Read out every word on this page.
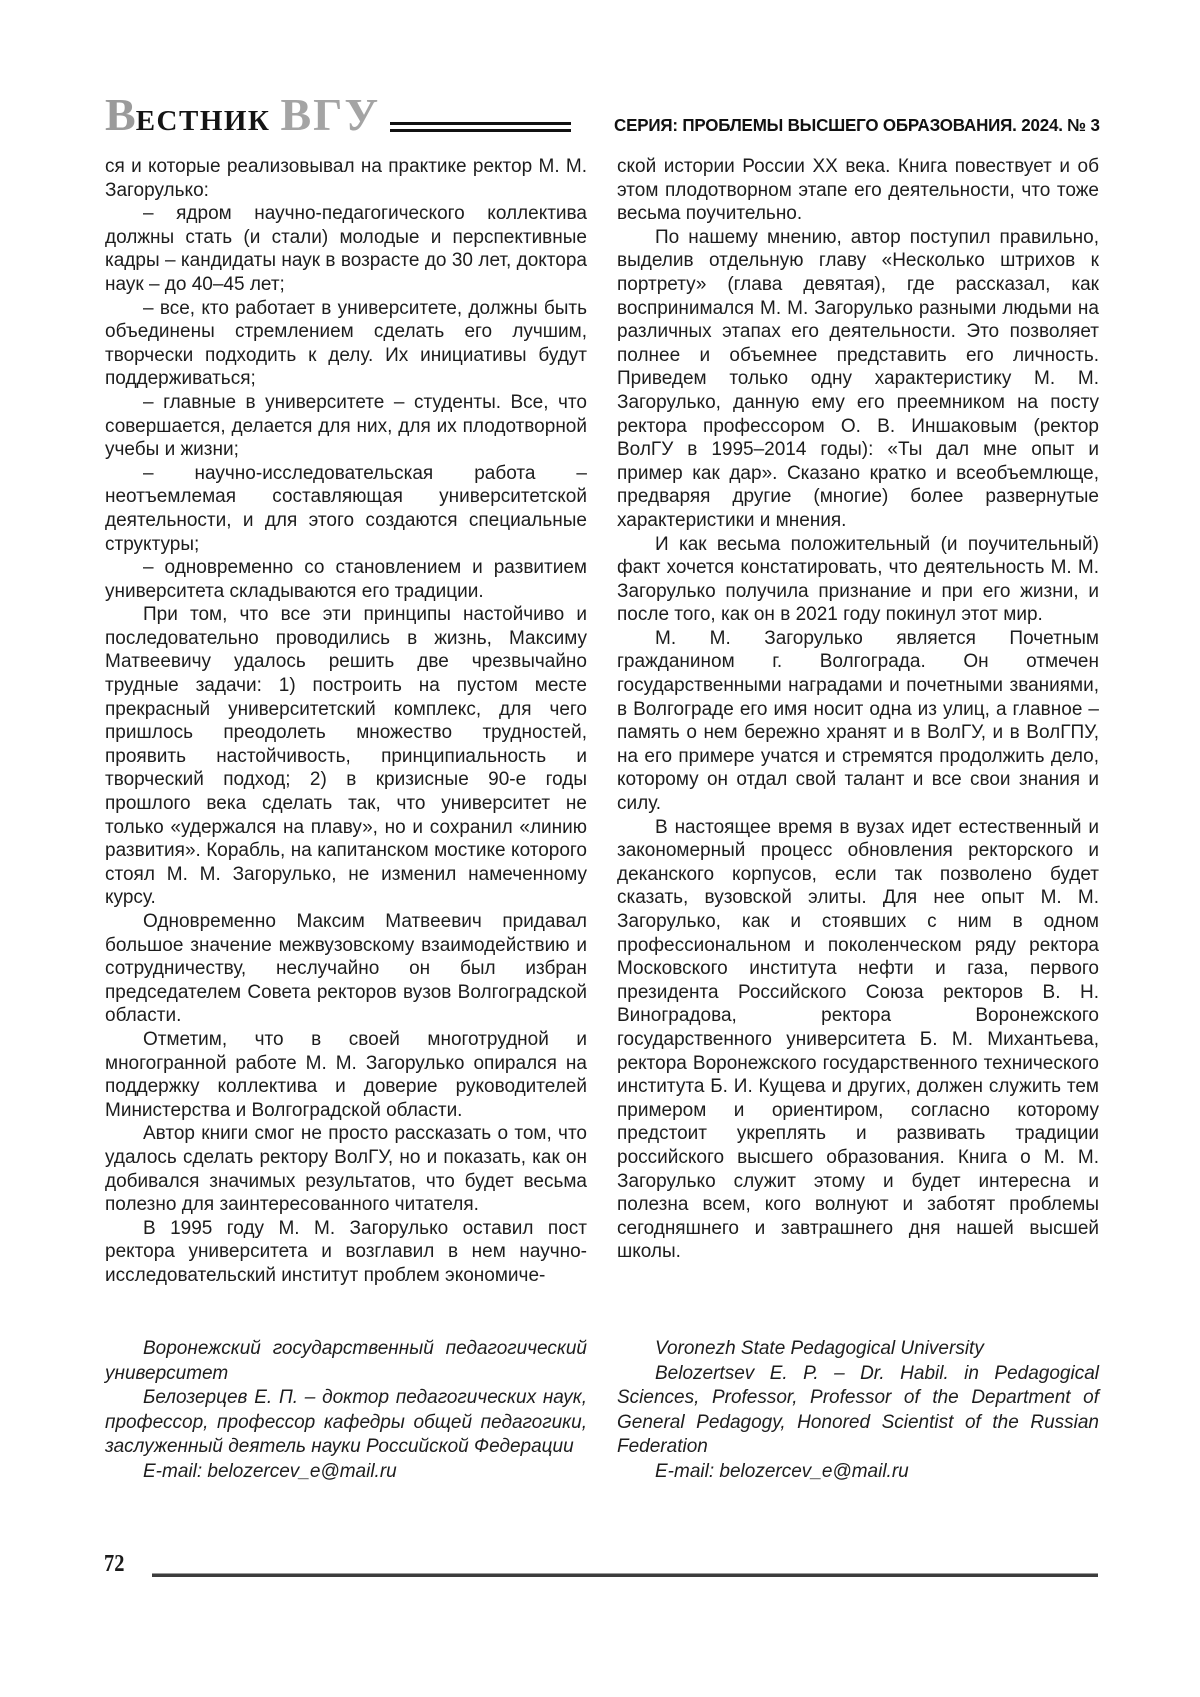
ВЕСТНИК ВГУ	СЕРИЯ: ПРОБЛЕМЫ ВЫСШЕГО ОБРАЗОВАНИЯ. 2024. № 3

ся и которые реализовывал на практике ректор М. М. Загорулько:

– ядром научно-педагогического коллектива должны стать (и стали) молодые и перспективные кадры – кандидаты наук в возрасте до 30 лет, доктора наук – до 40–45 лет;

– все, кто работает в университете, должны быть объединены стремлением сделать его лучшим, творчески подходить к делу. Их инициативы будут поддерживаться;

– главные в университете – студенты. Все, что совершается, делается для них, для их плодотворной учебы и жизни;

– научно-исследовательская работа – неотъемлемая составляющая университетской деятельности, и для этого создаются специальные структуры;

– одновременно со становлением и развитием университета складываются его традиции.

При том, что все эти принципы настойчиво и последовательно проводились в жизнь, Максиму Матвеевичу удалось решить две чрезвычайно трудные задачи: 1) построить на пустом месте прекрасный университетский комплекс, для чего пришлось преодолеть множество трудностей, проявить настойчивость, принципиальность и творческий подход; 2) в кризисные 90-е годы прошлого века сделать так, что университет не только «удержался на плаву», но и сохранил «линию развития». Корабль, на капитанском мостике которого стоял М. М. Загорулько, не изменил намеченному курсу.

Одновременно Максим Матвеевич придавал большое значение межвузовскому взаимодействию и сотрудничеству, неслучайно он был избран председателем Совета ректоров вузов Волгоградской области.

Отметим, что в своей многотрудной и многогранной работе М. М. Загорулько опирался на поддержку коллектива и доверие руководителей Министерства и Волгоградской области.

Автор книги смог не просто рассказать о том, что удалось сделать ректору ВолГУ, но и показать, как он добивался значимых результатов, что будет весьма полезно для заинтересованного читателя.

В 1995 году М. М. Загорулько оставил пост ректора университета и возглавил в нем научно-исследовательский институт проблем экономиче-

ской истории России XX века. Книга повествует и об этом плодотворном этапе его деятельности, что тоже весьма поучительно.

По нашему мнению, автор поступил правильно, выделив отдельную главу «Несколько штрихов к портрету» (глава девятая), где рассказал, как воспринимался М. М. Загорулько разными людьми на различных этапах его деятельности. Это позволяет полнее и объемнее представить его личность. Приведем только одну характеристику М. М. Загорулько, данную ему его преемником на посту ректора профессором О. В. Иншаковым (ректор ВолГУ в 1995–2014 годы): «Ты дал мне опыт и пример как дар». Сказано кратко и всеобъемлюще, предваряя другие (многие) более развернутые характеристики и мнения.

И как весьма положительный (и поучительный) факт хочется констатировать, что деятельность М. М. Загорулько получила признание и при его жизни, и после того, как он в 2021 году покинул этот мир.

М. М. Загорулько является Почетным гражданином г. Волгограда. Он отмечен государственными наградами и почетными званиями, в Волгограде его имя носит одна из улиц, а главное – память о нем бережно хранят и в ВолГУ, и в ВолГПУ, на его примере учатся и стремятся продолжить дело, которому он отдал свой талант и все свои знания и силу.

В настоящее время в вузах идет естественный и закономерный процесс обновления ректорского и деканского корпусов, если так позволено будет сказать, вузовской элиты. Для нее опыт М. М. Загорулько, как и стоявших с ним в одном профессиональном и поколенческом ряду ректора Московского института нефти и газа, первого президента Российского Союза ректоров В. Н. Виноградова, ректора Воронежского государственного университета Б. М. Михантьева, ректора Воронежского государственного технического института Б. И. Кущева и других, должен служить тем примером и ориентиром, согласно которому предстоит укреплять и развивать традиции российского высшего образования. Книга о М. М. Загорулько служит этому и будет интересна и полезна всем, кого волнуют и заботят проблемы сегодняшнего и завтрашнего дня нашей высшей школы.

Воронежский государственный педагогический университет

Белозерцев Е. П. – доктор педагогических наук, профессор, профессор кафедры общей педагогики, заслуженный деятель науки Российской Федерации

E-mail: belozercev_e@mail.ru

Voronezh State Pedagogical University

Belozertsev E. P. – Dr. Habil. in Pedagogical Sciences, Professor, Professor of the Department of General Pedagogy, Honored Scientist of the Russian Federation

E-mail: belozercev_e@mail.ru

72
